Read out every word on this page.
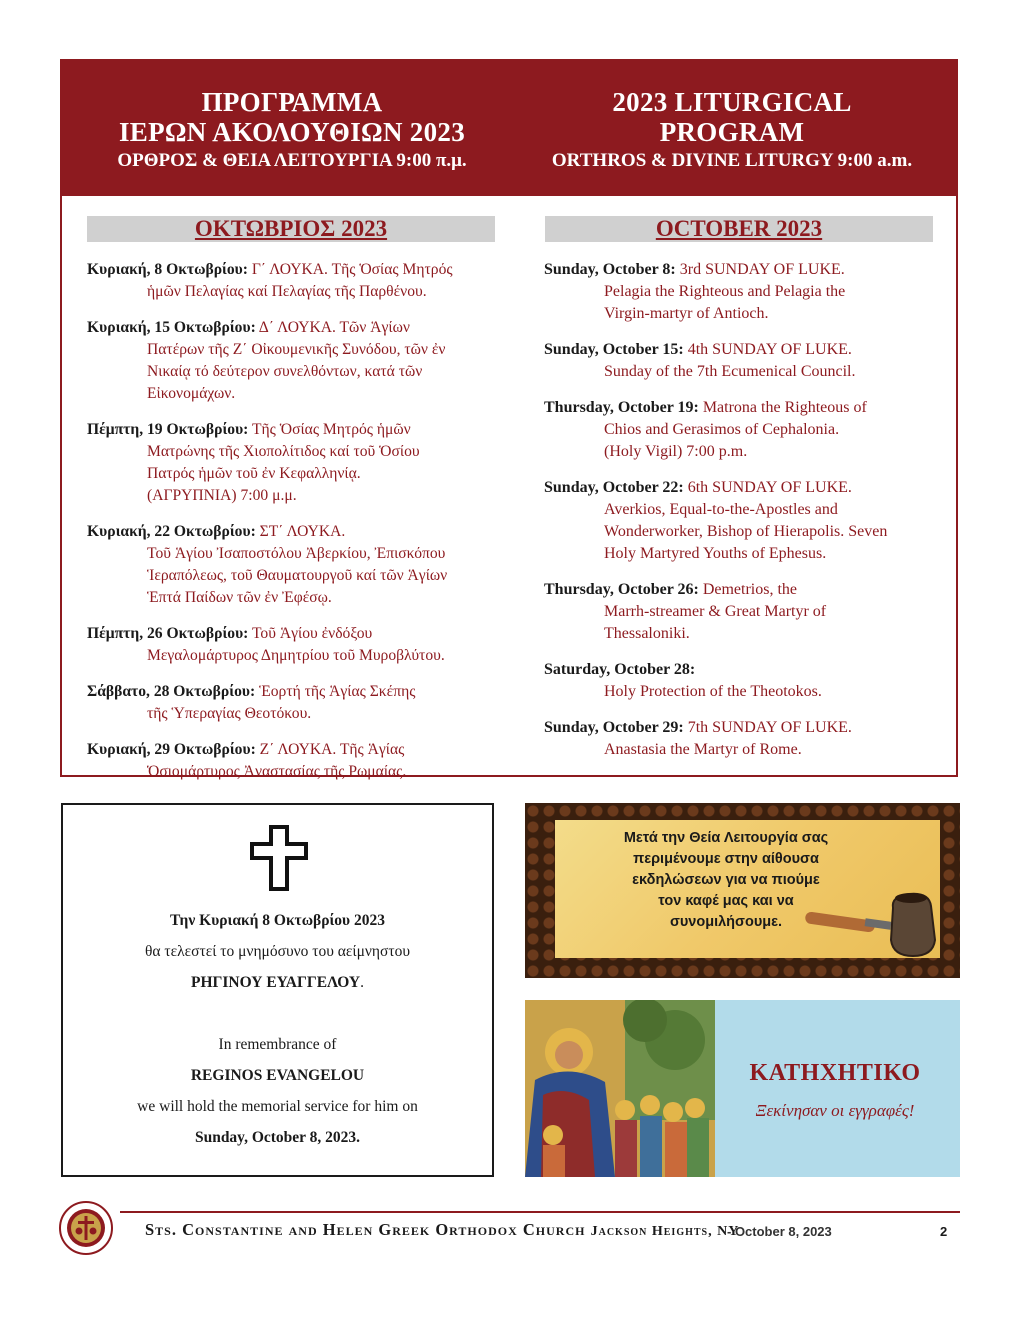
ΠΡΟΓΡΑΜΜΑ
ΙΕΡΩΝ ΑΚΟΛΟΥΘΙΩΝ 2023
ΟΡΘΡΟΣ & ΘΕΙΑ ΛΕΙΤΟΥΡΓΙΑ 9:00 π.μ.
2023 LITURGICAL
PROGRAM
ORTHROS & DIVINE LITURGY 9:00 a.m.
ΟΚΤΩΒΡΙΟΣ 2023	OCTOBER 2023
Κυριακή, 8 Οκτωβρίου: Γ΄ ΛΟΥΚΑ. Τῆς Ὁσίας Μητρός
ἡμῶν Πελαγίας καί Πελαγίας τῆς Παρθένου.
Κυριακή, 15 Οκτωβρίου: Δ΄ ΛΟΥΚΑ. Τῶν Ἁγίων
Πατέρων τῆς Ζ΄ Οἰκουμενικῆς Συνόδου, τῶν ἐν
Νικαίᾳ τό δεύτερον συνελθόντων, κατά τῶν
Εἰκονομάχων.
Πέμπτη, 19 Οκτωβρίου: Τῆς Ὁσίας Μητρός ἡμῶν
Ματρώνης τῆς Χιοπολίτιδος καί τοῦ Ὁσίου
Πατρός ἡμῶν τοῦ ἐν Κεφαλληνίᾳ.
(ΑΓΡΥΠΝΙΑ) 7:00 μ.μ.
Κυριακή, 22 Οκτωβρίου: ΣΤ΄ ΛΟΥΚΑ.
Τοῦ Ἁγίου Ἰσαποστόλου Ἀβερκίου, Ἐπισκόπου
Ἱεραπόλεως, τοῦ Θαυματουργοῦ καί τῶν Ἁγίων
Ἑπτά Παίδων τῶν ἐν Ἐφέσῳ.
Πέμπτη, 26 Οκτωβρίου: Τοῦ Ἁγίου ἐνδόξου
Μεγαλομάρτυρος Δημητρίου τοῦ Μυροβλύτου.
Σάββατο, 28 Οκτωβρίου: Ἑορτή τῆς Ἁγίας Σκέπης
τῆς Ὑπεραγίας Θεοτόκου.
Κυριακή, 29 Οκτωβρίου: Ζ΄ ΛΟΥΚΑ. Τῆς Ἁγίας
Ὁσιομάρτυρος Ἀναστασίας τῆς Ρωμαίας.
Sunday, October 8: 3rd SUNDAY OF LUKE.
Pelagia the Righteous and Pelagia the
Virgin-martyr of Antioch.
Sunday, October 15: 4th SUNDAY OF LUKE.
Sunday of the 7th Ecumenical Council.
Thursday, October 19: Matrona the Righteous of
Chios and Gerasimos of Cephalonia.
(Holy Vigil) 7:00 p.m.
Sunday, October 22: 6th SUNDAY OF LUKE.
Averkios, Equal-to-the-Apostles and
Wonderworker, Bishop of Hierapolis. Seven
Holy Martyred Youths of Ephesus.
Thursday, October 26: Demetrios, the
Marrh-streamer & Great Martyr of
Thessaloniki.
Saturday, October 28:
Holy Protection of the Theotokos.
Sunday, October 29: 7th SUNDAY OF LUKE.
Anastasia the Martyr of Rome.
Την Κυριακή 8 Οκτωβρίου 2023
θα τελεστεί το μνημόσυνο του αείμνηστου
ΡΗΓΙΝΟΥ ΕΥΑΓΓΕΛΟΥ.
In remembrance of
REGINOS EVANGELOU
we will hold the memorial service for him on
Sunday, October 8, 2023.
Μετά την Θεία Λειτουργία σας
περιμένουμε στην αίθουσα
εκδηλώσεων για να πιούμε
τον καφέ μας και να
συνομιλήσουμε.
ΚΑΤΗΧΗΤΙΚΟ
Ξεκίνησαν οι εγγραφές!
Sts. Constantine and Helen Greek Orthodox Church Jackson Heights, NY
- October 8, 2023	2
